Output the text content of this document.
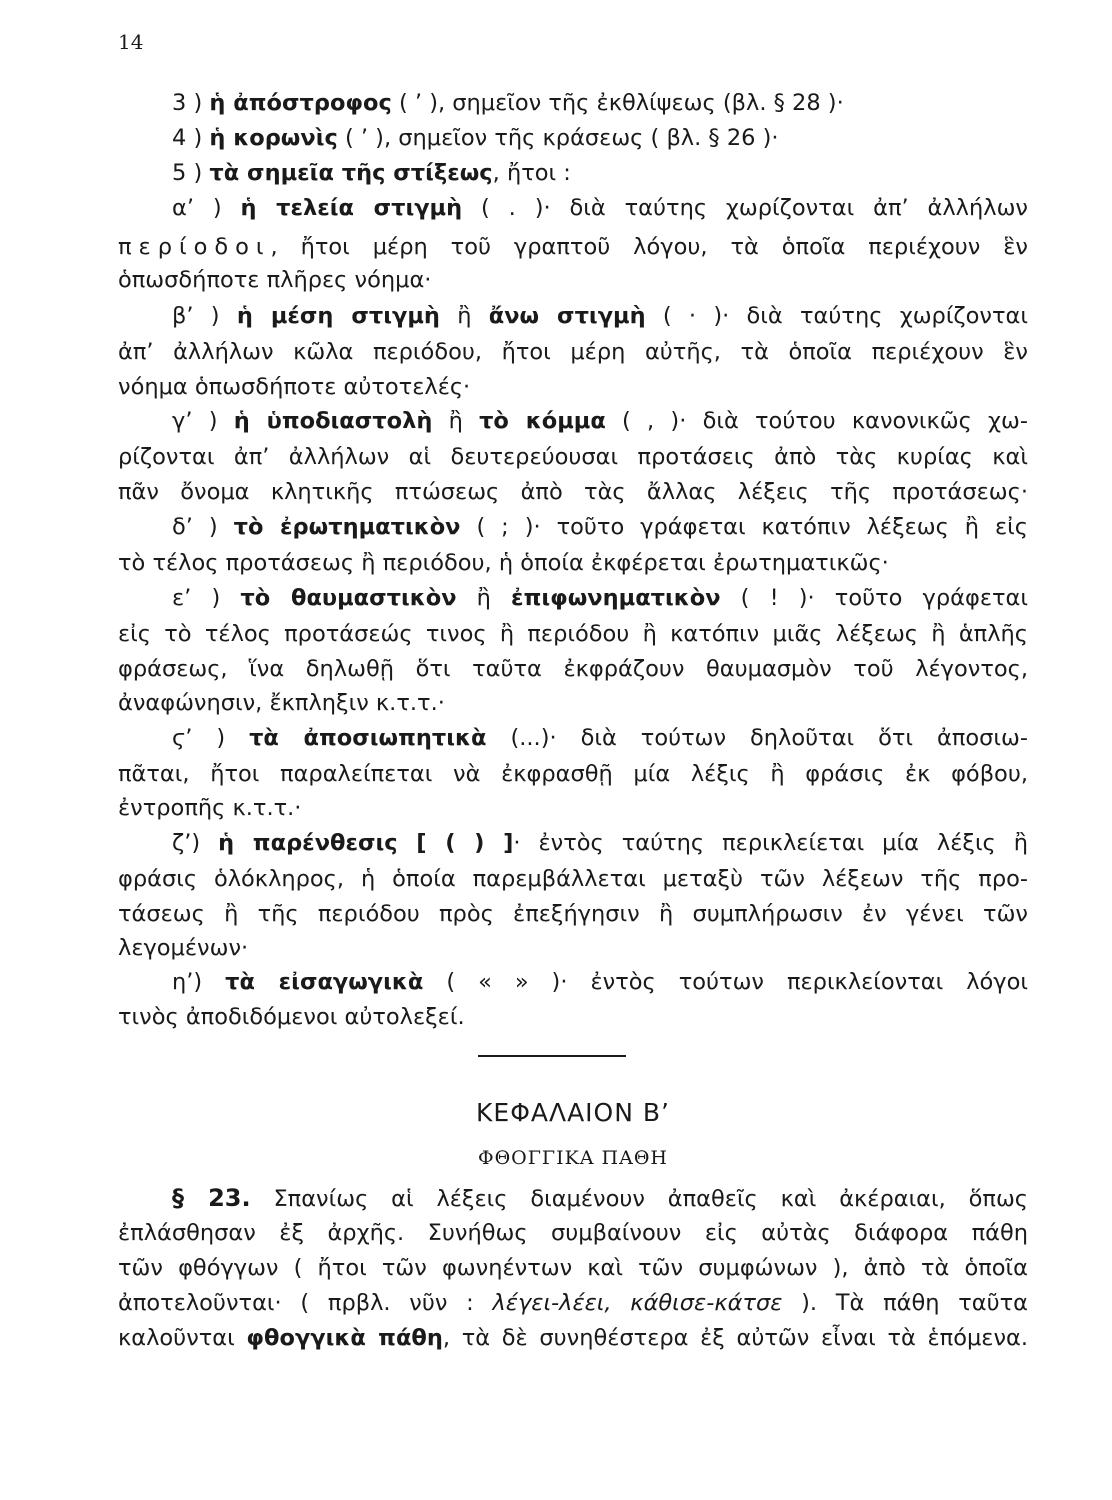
14
3 ) ἡ ἀπόστροφος ( ’ ), σημεῖον τῆς ἐκθλίψεως (βλ. § 28 )·
4 ) ἡ κορωνὶς ( ’ ), σημεῖον τῆς κράσεως ( βλ. § 26 )·
5 ) τὰ σημεῖα τῆς στίξεως, ἤτοι :
α’ ) ἡ τελεία στιγμὴ ( . )· διὰ ταύτης χωρίζονται ἀπ’ ἀλλήλων
περίοδοι, ἤτοι μέρη τοῦ γραπτοῦ λόγου, τὰ ὁποῖα περιέχουν ἓν
ὁπωσδήποτε πλῆρες νόημα·
β’ ) ἡ μέση στιγμὴ ἢ ἄνω στιγμὴ ( · )· διὰ ταύτης χωρίζονται
ἀπ’ ἀλλήλων κῶλα περιόδου, ἤτοι μέρη αὐτῆς, τὰ ὁποῖα περιέχουν ἓν
νόημα ὁπωσδήποτε αὐτοτελές·
γ’ ) ἡ ὑποδιαστολὴ ἢ τὸ κόμμα ( , )· διὰ τούτου κανονικῶς χω-
ρίζονται ἀπ’ ἀλλήλων αἱ δευτερεύουσαι προτάσεις ἀπὸ τὰς κυρίας καὶ
πᾶν ὄνομα κλητικῆς πτώσεως ἀπὸ τὰς ἄλλας λέξεις τῆς προτάσεως·
δ’ ) τὸ ἐρωτηματικὸν ( ; )· τοῦτο γράφεται κατόπιν λέξεως ἢ εἰς
τὸ τέλος προτάσεως ἢ περιόδου, ἡ ὁποία ἐκφέρεται ἐρωτηματικῶς·
ε’ ) τὸ θαυμαστικὸν ἢ ἐπιφωνηματικὸν ( ! )· τοῦτο γράφεται
εἰς τὸ τέλος προτάσεώς τινος ἢ περιόδου ἢ κατόπιν μιᾶς λέξεως ἢ ἁπλῆς
φράσεως, ἵνα δηλωθῇ ὅτι ταῦτα ἐκφράζουν θαυμασμὸν τοῦ λέγοντος,
ἀναφώνησιν, ἔκπληξιν κ.τ.τ.·
ϛ’ ) τὰ ἀποσιωπητικὰ (...)· διὰ τούτων δηλοῦται ὅτι ἀποσιω-
πᾶται, ἤτοι παραλείπεται νὰ ἐκφρασθῇ μία λέξις ἢ φράσις ἐκ φόβου,
ἐντροπῆς κ.τ.τ.·
ζ’) ἡ παρένθεσις [ ( ) ]· ἐντὸς ταύτης περικλείεται μία λέξις ἢ
φράσις ὁλόκληρος, ἡ ὁποία παρεμβάλλεται μεταξὺ τῶν λέξεων τῆς προ-
τάσεως ἢ τῆς περιόδου πρὸς ἐπεξήγησιν ἢ συμπλήρωσιν ἐν γένει τῶν
λεγομένων·
η’) τὰ εἰσαγωγικὰ ( « » )· ἐντὸς τούτων περικλείονται λόγοι
τινὸς ἀποδιδόμενοι αὐτολεξεί.
ΚΕΦΑΛΑΙΟΝ Β’
ΦΘΟΓΓΙΚΑ ΠΑΘΗ
§ 23. Σπανίως αἱ λέξεις διαμένουν ἀπαθεῖς καὶ ἀκέραιαι, ὅπως
ἐπλάσθησαν ἐξ ἀρχῆς. Συνήθως συμβαίνουν εἰς αὐτὰς διάφορα πάθη
τῶν φθόγγων ( ἤτοι τῶν φωνηέντων καὶ τῶν συμφώνων ), ἀπὸ τὰ ὁποῖα
ἀποτελοῦνται· ( πρβλ. νῦν : λέγει-λέει, κάθισε-κάτσε ). Τὰ πάθη ταῦτα
καλοῦνται φθογγικὰ πάθη, τὰ δὲ συνηθέστερα ἐξ αὐτῶν εἶναι τὰ ἑπόμενα.
